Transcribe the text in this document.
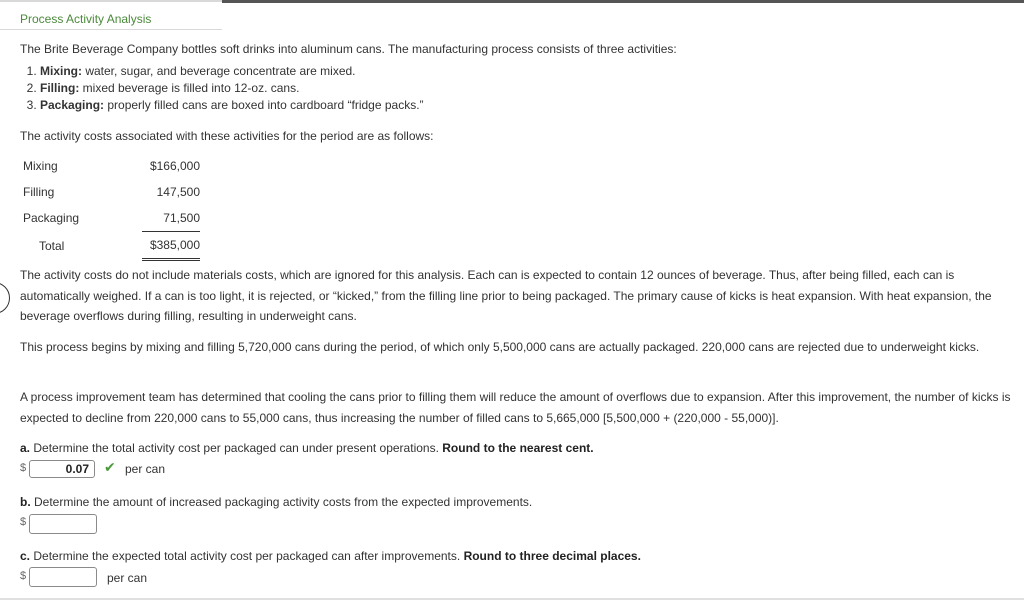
Process Activity Analysis
The Brite Beverage Company bottles soft drinks into aluminum cans. The manufacturing process consists of three activities:
1. Mixing: water, sugar, and beverage concentrate are mixed.
2. Filling: mixed beverage is filled into 12-oz. cans.
3. Packaging: properly filled cans are boxed into cardboard “fridge packs.”
The activity costs associated with these activities for the period are as follows:
Mixing	$166,000
Filling	147,500
Packaging	71,500
Total	$385,000
The activity costs do not include materials costs, which are ignored for this analysis. Each can is expected to contain 12 ounces of beverage. Thus, after being filled, each can is automatically weighed. If a can is too light, it is rejected, or “kicked,” from the filling line prior to being packaged. The primary cause of kicks is heat expansion. With heat expansion, the beverage overflows during filling, resulting in underweight cans.
This process begins by mixing and filling 5,720,000 cans during the period, of which only 5,500,000 cans are actually packaged. 220,000 cans are rejected due to underweight kicks.
A process improvement team has determined that cooling the cans prior to filling them will reduce the amount of overflows due to expansion. After this improvement, the number of kicks is expected to decline from 220,000 cans to 55,000 cans, thus increasing the number of filled cans to 5,665,000 [5,500,000 + (220,000 - 55,000)].
a. Determine the total activity cost per packaged can under present operations. Round to the nearest cent.
$	0.07	✔ per can
b. Determine the amount of increased packaging activity costs from the expected improvements.
$
c. Determine the expected total activity cost per packaged can after improvements. Round to three decimal places.
$	per can
